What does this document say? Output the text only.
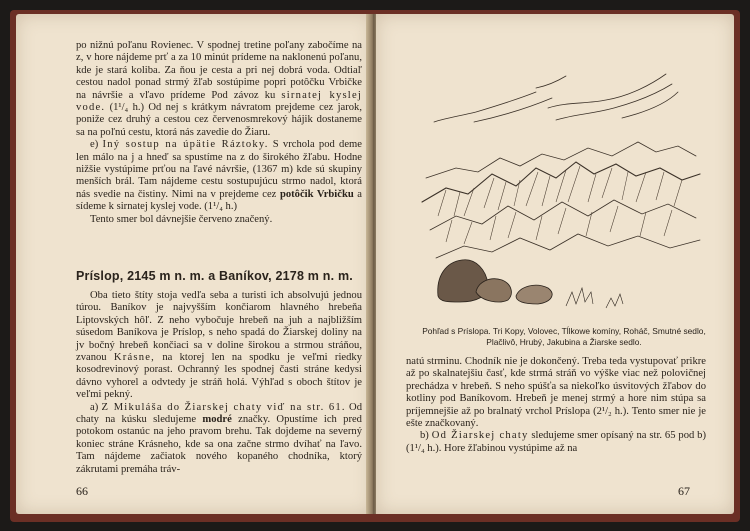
po nižnú poľanu Rovienec. V spodnej tretine poľany zabočíme na z, v hore nájdeme prť a za 10 minút prídeme na naklonenú poľanu, kde je stará koliba. Za ňou je cesta a pri nej dobrá voda. Odtiaľ cestou nadol ponad strmý žľab sostúpime popri potôčku Vrbičke na návršie a vľavo prídeme Pod závoz ku sirnatej kyslej vode. (1¹/₄ h.) Od nej s krátkym návratom prejdeme cez jarok, poniže cez druhý a cestou cez červenosmrekový hájik dostaneme sa na poľnú cestu, ktorá nás zavedie do Žiaru.

e) Iný sostup na úpätie Ráztoky. S vrchola pod deme len málo na j a hneď sa spustíme na z do širokého žľabu. Hodne nižšie vystúpime prťou na ľavé návršie, (1367 m) kde sú skupiny menších brál. Tam nájdeme cestu sostupujúcu strmo nadol, ktorá nás svedie na čistiny. Nimi na v prejdeme cez potôčik Vrbičku a sídeme k sirnatej kyslej vode. (1¹/₄ h.)

Tento smer bol dávnejšie červeno značený.

Príslop, 2145 m n. m. a Baníkov, 2178 m n. m.

Oba tieto štíty stoja vedľa seba a turisti ich absolvujú jednou túrou. Baníkov je najvyšším končiarom hlavného hrebeňa Liptovských hôľ. Z neho vybočuje hrebeň na juh a najbližším súsedom Baníkova je Príslop, s neho spadá do Žiarskej doliny na jv bočný hrebeň končiaci sa v doline širokou a strmou stráňou, zvanou Krásne, na ktorej len na spodku je veľmi riedky kosodrevinový porast. Ochranný les spodnej časti stráne kedysi dávno vyhorel a odvtedy je stráň holá. Výhľad s oboch štítov je veľmi pekný.

a) Z Mikuláša do Žiarskej chaty viď na str. 61. Od chaty na kúsku sledujeme modré značky. Opustíme ich pred potokom ostanúc na jeho pravom brehu. Tak dojdeme na severný koniec stráne Krásneho, kde sa ona začne strmo dvíhať na ľavo. Tam nájdeme začiatok nového kopaného chodníka, ktorý zákrutami premáha tráv-

66
Pohľad s Príslopa. Tri Kopy, Volovec, Tĺlkowe komíny, Roháč, Smutné sedlo, Plačlivô, Hrubý, Jakubina a Žiarske sedlo.

natú strminu. Chodník nie je dokončený. Treba teda vystupovať prikre až po skalnatejšiu časť, kde strmá stráň vo výške viac než polovičnej prechádza v hrebeň. S neho spúšťa sa niekoľko úsvitových žľabov do kotliny pod Baníkovom. Hrebeň je menej strmý a hore nim stúpa sa príjemnejšie až po bralnatý vrchol Príslopa (2¹/₂ h.). Tento smer nie je ešte značkovaný.

b) Od Žiarskej chaty sledujeme smer opísaný na str. 65 pod b) (1¹/₄ h.). Hore žľabinou vystúpime až na

67
